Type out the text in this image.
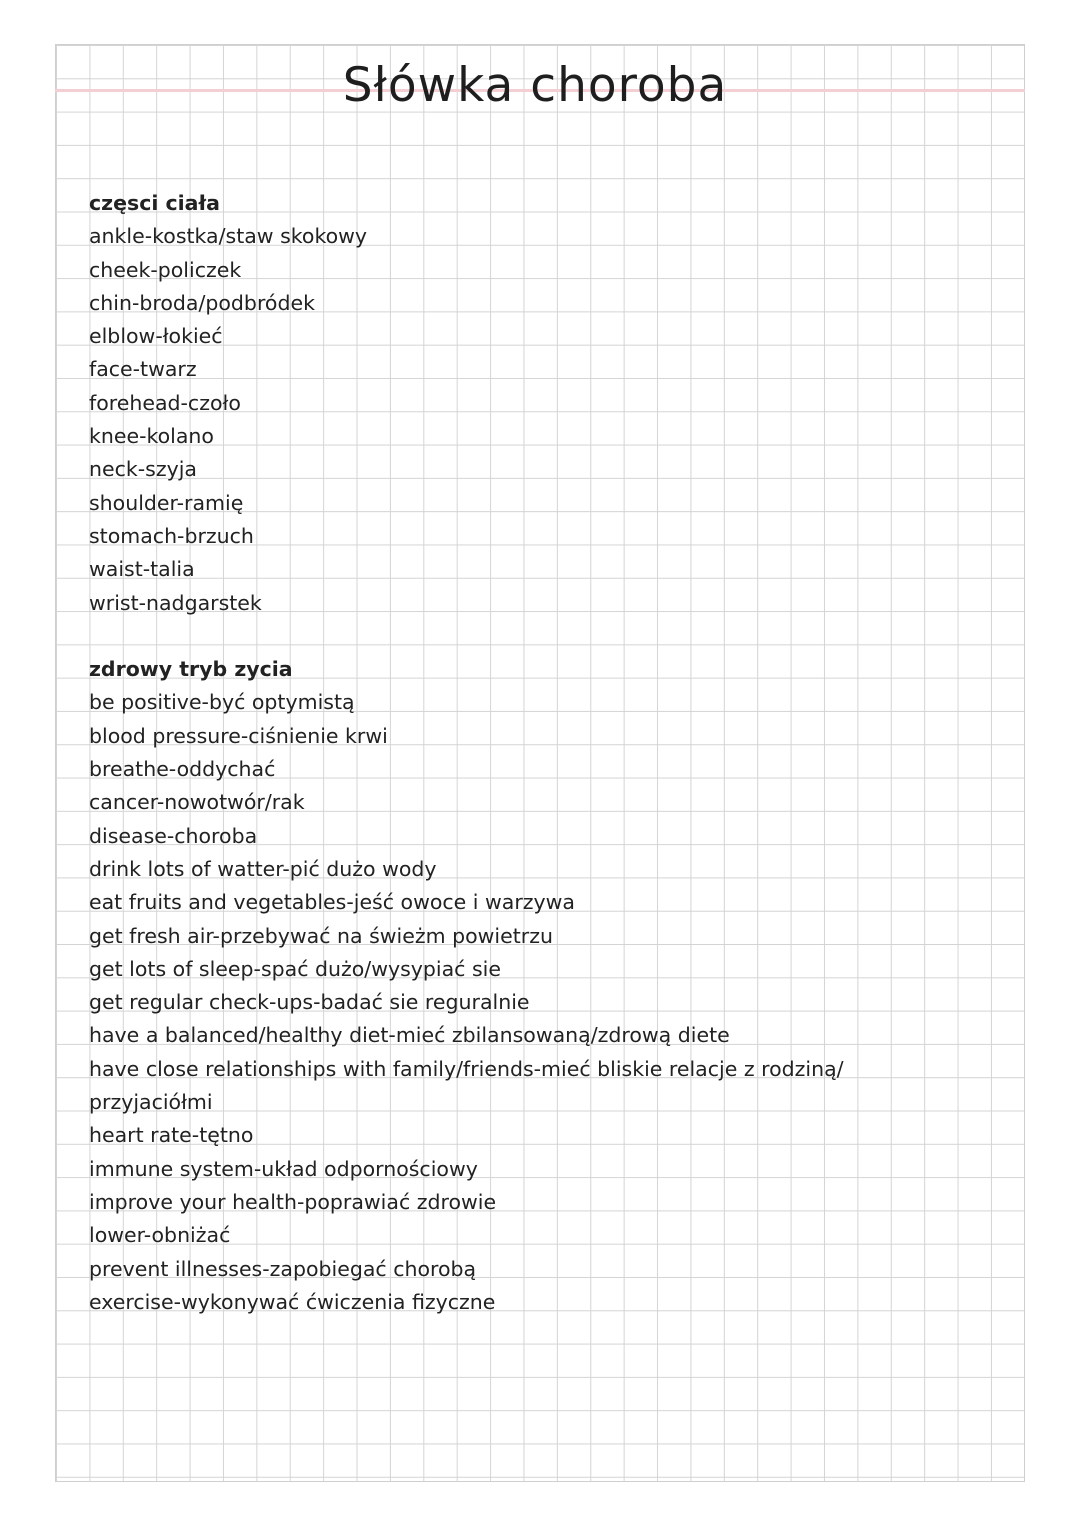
Słówka choroba
częsci ciała
ankle-kostka/staw skokowy
cheek-policzek
chin-broda/podbródek
elblow-łokieć
face-twarz
forehead-czoło
knee-kolano
neck-szyja
shoulder-ramię
stomach-brzuch
waist-talia
wrist-nadgarstek
zdrowy tryb zycia
be positive-być optymistą
blood pressure-ciśnienie krwi
breathe-oddychać
cancer-nowotwór/rak
disease-choroba
drink lots of watter-pić dużo wody
eat fruits and vegetables-jeść owoce i warzywa
get fresh air-przebywać na świeżm powietrzu
get lots of sleep-spać dużo/wysypiać sie
get regular check-ups-badać sie reguralnie
have a balanced/healthy diet-mieć zbilansowaną/zdrową diete
have close relationships with family/friends-mieć bliskie relacje z rodziną/
przyjaciółmi
heart rate-tętno
immune system-układ odpornościowy
improve your health-poprawiać zdrowie
lower-obniżać
prevent illnesses-zapobiegać chorobą
exercise-wykonywać ćwiczenia fizyczne
